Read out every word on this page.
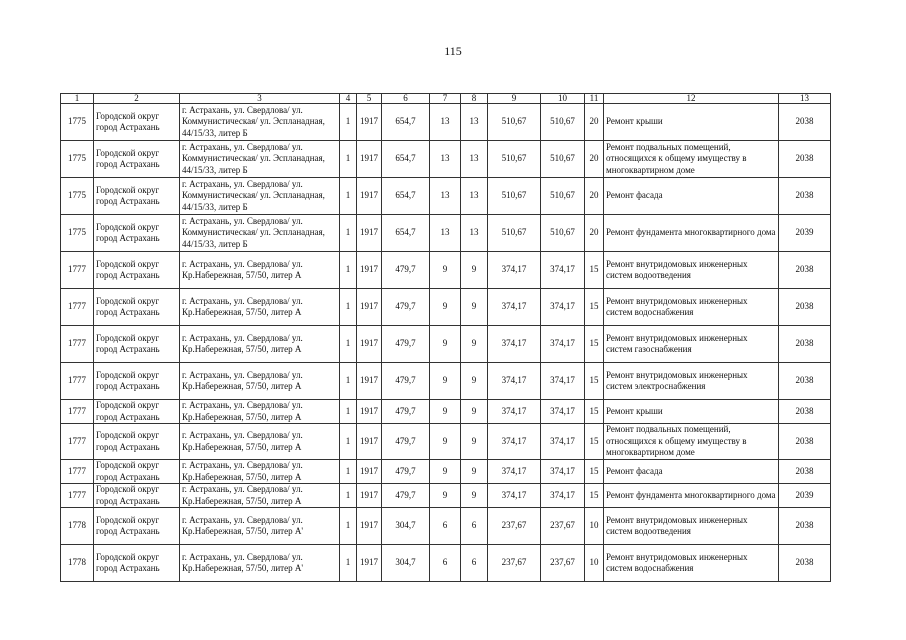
115
1	2	3	4	5	6	7	8	9	10	11	12	13
1775	Городской округ город Астрахань	г. Астрахань, ул. Свердлова/ ул. Коммунистическая/ ул. Эспланадная, 44/15/33, литер Б	1	1917	654,7	13	13	510,67	510,67	20	Ремонт крыши	2038
1775	Городской округ город Астрахань	г. Астрахань, ул. Свердлова/ ул. Коммунистическая/ ул. Эспланадная, 44/15/33, литер Б	1	1917	654,7	13	13	510,67	510,67	20	Ремонт подвальных помещений, относящихся к общему имуществу в многоквартирном доме	2038
1775	Городской округ город Астрахань	г. Астрахань, ул. Свердлова/ ул. Коммунистическая/ ул. Эспланадная, 44/15/33, литер Б	1	1917	654,7	13	13	510,67	510,67	20	Ремонт фасада	2038
1775	Городской округ город Астрахань	г. Астрахань, ул. Свердлова/ ул. Коммунистическая/ ул. Эспланадная, 44/15/33, литер Б	1	1917	654,7	13	13	510,67	510,67	20	Ремонт фундамента многоквартирного дома	2039
1777	Городской округ город Астрахань	г. Астрахань, ул. Свердлова/ ул. Кр.Набережная, 57/50, литер А	1	1917	479,7	9	9	374,17	374,17	15	Ремонт внутридомовых инженерных систем водоотведения	2038
1777	Городской округ город Астрахань	г. Астрахань, ул. Свердлова/ ул. Кр.Набережная, 57/50, литер А	1	1917	479,7	9	9	374,17	374,17	15	Ремонт внутридомовых инженерных систем водоснабжения	2038
1777	Городской округ город Астрахань	г. Астрахань, ул. Свердлова/ ул. Кр.Набережная, 57/50, литер А	1	1917	479,7	9	9	374,17	374,17	15	Ремонт внутридомовых инженерных систем газоснабжения	2038
1777	Городской округ город Астрахань	г. Астрахань, ул. Свердлова/ ул. Кр.Набережная, 57/50, литер А	1	1917	479,7	9	9	374,17	374,17	15	Ремонт внутридомовых инженерных систем электроснабжения	2038
1777	Городской округ город Астрахань	г. Астрахань, ул. Свердлова/ ул. Кр.Набережная, 57/50, литер А	1	1917	479,7	9	9	374,17	374,17	15	Ремонт крыши	2038
1777	Городской округ город Астрахань	г. Астрахань, ул. Свердлова/ ул. Кр.Набережная, 57/50, литер А	1	1917	479,7	9	9	374,17	374,17	15	Ремонт подвальных помещений, относящихся к общему имуществу в многоквартирном доме	2038
1777	Городской округ город Астрахань	г. Астрахань, ул. Свердлова/ ул. Кр.Набережная, 57/50, литер А	1	1917	479,7	9	9	374,17	374,17	15	Ремонт фасада	2038
1777	Городской округ город Астрахань	г. Астрахань, ул. Свердлова/ ул. Кр.Набережная, 57/50, литер А	1	1917	479,7	9	9	374,17	374,17	15	Ремонт фундамента многоквартирного дома	2039
1778	Городской округ город Астрахань	г. Астрахань, ул. Свердлова/ ул. Кр.Набережная, 57/50, литер А'	1	1917	304,7	6	6	237,67	237,67	10	Ремонт внутридомовых инженерных систем водоотведения	2038
1778	Городской округ город Астрахань	г. Астрахань, ул. Свердлова/ ул. Кр.Набережная, 57/50, литер А'	1	1917	304,7	6	6	237,67	237,67	10	Ремонт внутридомовых инженерных систем водоснабжения	2038
